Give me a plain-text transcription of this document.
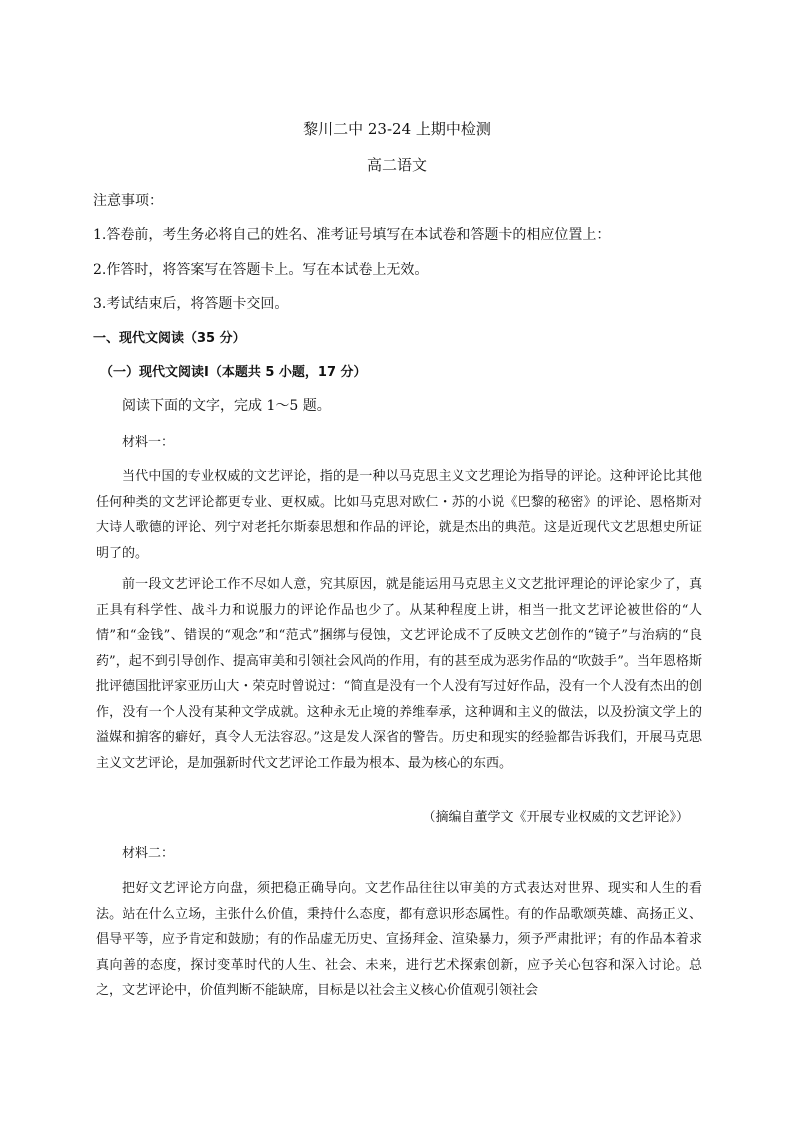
黎川二中 23-24 上期中检测
高二语文
注意事项：
1.答卷前，考生务必将自己的姓名、准考证号填写在本试卷和答题卡的相应位置上：
2.作答时，将答案写在答题卡上。写在本试卷上无效。
3.考试结束后，将答题卡交回。
一、现代文阅读（35 分）
（一）现代文阅读Ⅰ（本题共 5 小题，17 分）
阅读下面的文字，完成 1～5 题。
材料一：
当代中国的专业权威的文艺评论，指的是一种以马克思主义文艺理论为指导的评论。这种评论比其他任何种类的文艺评论都更专业、更权威。比如马克思对欧仁・苏的小说《巴黎的秘密》的评论、恩格斯对大诗人歌德的评论、列宁对老托尔斯泰思想和作品的评论，就是杰出的典范。这是近现代文艺思想史所证明了的。
前一段文艺评论工作不尽如人意，究其原因，就是能运用马克思主义文艺批评理论的评论家少了，真正具有科学性、战斗力和说服力的评论作品也少了。从某种程度上讲，相当一批文艺评论被世俗的“人情”和“金钱”、错误的“观念”和“范式”捆绑与侵蚀，文艺评论成不了反映文艺创作的“镜子”与治病的“良药”，起不到引导创作、提高审美和引领社会风尚的作用，有的甚至成为恶劣作品的“吹鼓手”。当年恩格斯批评德国批评家亚历山大・荣克时曾说过：“简直是没有一个人没有写过好作品，没有一个人没有杰出的创作，没有一个人没有某种文学成就。这种永无止境的养维奉承，这种调和主义的做法，以及扮演文学上的溢媒和掮客的癖好，真令人无法容忍。”这是发人深省的警告。历史和现实的经验都告诉我们，开展马克思主义文艺评论，是加强新时代文艺评论工作最为根本、最为核心的东西。
（摘编自董学文《开展专业权威的文艺评论》）
材料二：
把好文艺评论方向盘，须把稳正确导向。文艺作品往往以审美的方式表达对世界、现实和人生的看法。站在什么立场，主张什么价值，秉持什么态度，都有意识形态属性。有的作品歌颂英雄、高扬正义、倡导平等，应予肯定和鼓励；有的作品虚无历史、宣扬拜金、渲染暴力，须予严肃批评；有的作品本着求真向善的态度，探讨变革时代的人生、社会、未来，进行艺术探索创新，应予关心包容和深入讨论。总之，文艺评论中，价值判断不能缺席，目标是以社会主义核心价值观引领社会
